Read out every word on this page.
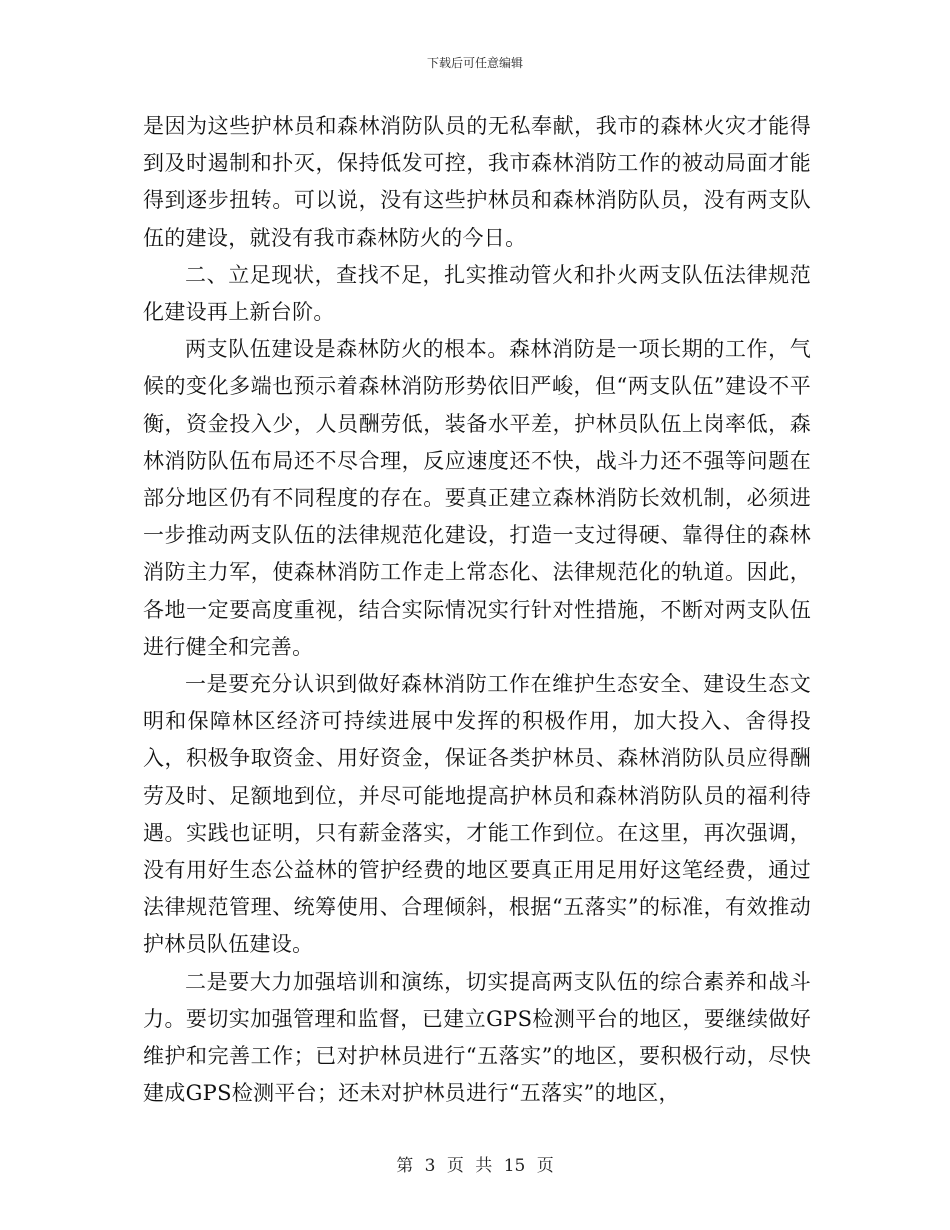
下载后可任意编辑

是因为这些护林员和森林消防队员的无私奉献，我市的森林火灾才能得到及时遏制和扑灭，保持低发可控，我市森林消防工作的被动局面才能得到逐步扭转。可以说，没有这些护林员和森林消防队员，没有两支队伍的建设，就没有我市森林防火的今日。

二、立足现状，查找不足，扎实推动管火和扑火两支队伍法律规范化建设再上新台阶。

两支队伍建设是森林防火的根本。森林消防是一项长期的工作，气候的变化多端也预示着森林消防形势依旧严峻，但“两支队伍”建设不平衡，资金投入少，人员酬劳低，装备水平差，护林员队伍上岗率低，森林消防队伍布局还不尽合理，反应速度还不快，战斗力还不强等问题在部分地区仍有不同程度的存在。要真正建立森林消防长效机制，必须进一步推动两支队伍的法律规范化建设，打造一支过得硬、靠得住的森林消防主力军，使森林消防工作走上常态化、法律规范化的轨道。因此，各地一定要高度重视，结合实际情况实行针对性措施，不断对两支队伍进行健全和完善。

一是要充分认识到做好森林消防工作在维护生态安全、建设生态文明和保障林区经济可持续进展中发挥的积极作用，加大投入、舍得投入，积极争取资金、用好资金，保证各类护林员、森林消防队员应得酬劳及时、足额地到位，并尽可能地提高护林员和森林消防队员的福利待遇。实践也证明，只有薪金落实，才能工作到位。在这里，再次强调，没有用好生态公益林的管护经费的地区要真正用足用好这笔经费，通过法律规范管理、统筹使用、合理倾斜，根据“五落实”的标准，有效推动护林员队伍建设。

二是要大力加强培训和演练，切实提高两支队伍的综合素养和战斗力。要切实加强管理和监督，已建立GPS检测平台的地区，要继续做好维护和完善工作；已对护林员进行“五落实”的地区，要积极行动，尽快建成GPS检测平台；还未对护林员进行“五落实”的地区，

第 3 页 共 15 页
